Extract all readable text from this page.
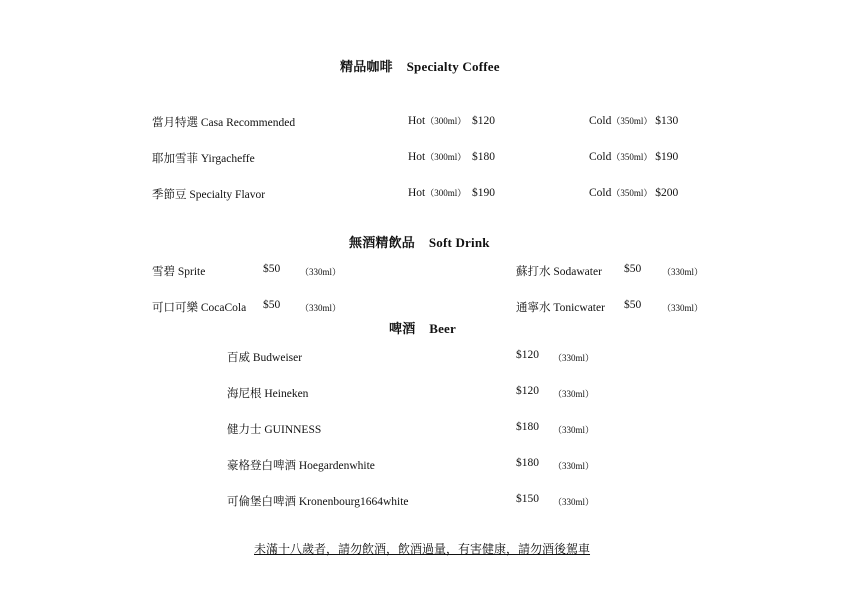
精品咖啡 Specialty Coffee
當月特選 Casa Recommended	Hot（300ml） $120	Cold（350ml） $130
耶加雪菲 Yirgacheffe	Hot（300ml） $180	Cold（350ml） $190
季節豆 Specialty Flavor	Hot（300ml） $190	Cold（350ml） $200
無酒精飲品 Soft Drink
雪碧 Sprite	$50 （330ml）
可口可樂 CocaCola $50 （330ml）
蘇打水 Sodawater $50 （330ml）
通寧水 Tonicwater $50 （330ml）
啤酒 Beer
百威 Budweiser	$120 （330ml）
海尼根 Heineken	$120 （330ml）
健力士 GUINNESS	$180 （330ml）
豪格登白啤酒 Hoegardenwhite	$180 （330ml）
可倫堡白啤酒 Kronenbourg1664white	$150 （330ml）
未滿十八歲者，請勿飲酒，飲酒過量，有害健康，請勿酒後駕車
